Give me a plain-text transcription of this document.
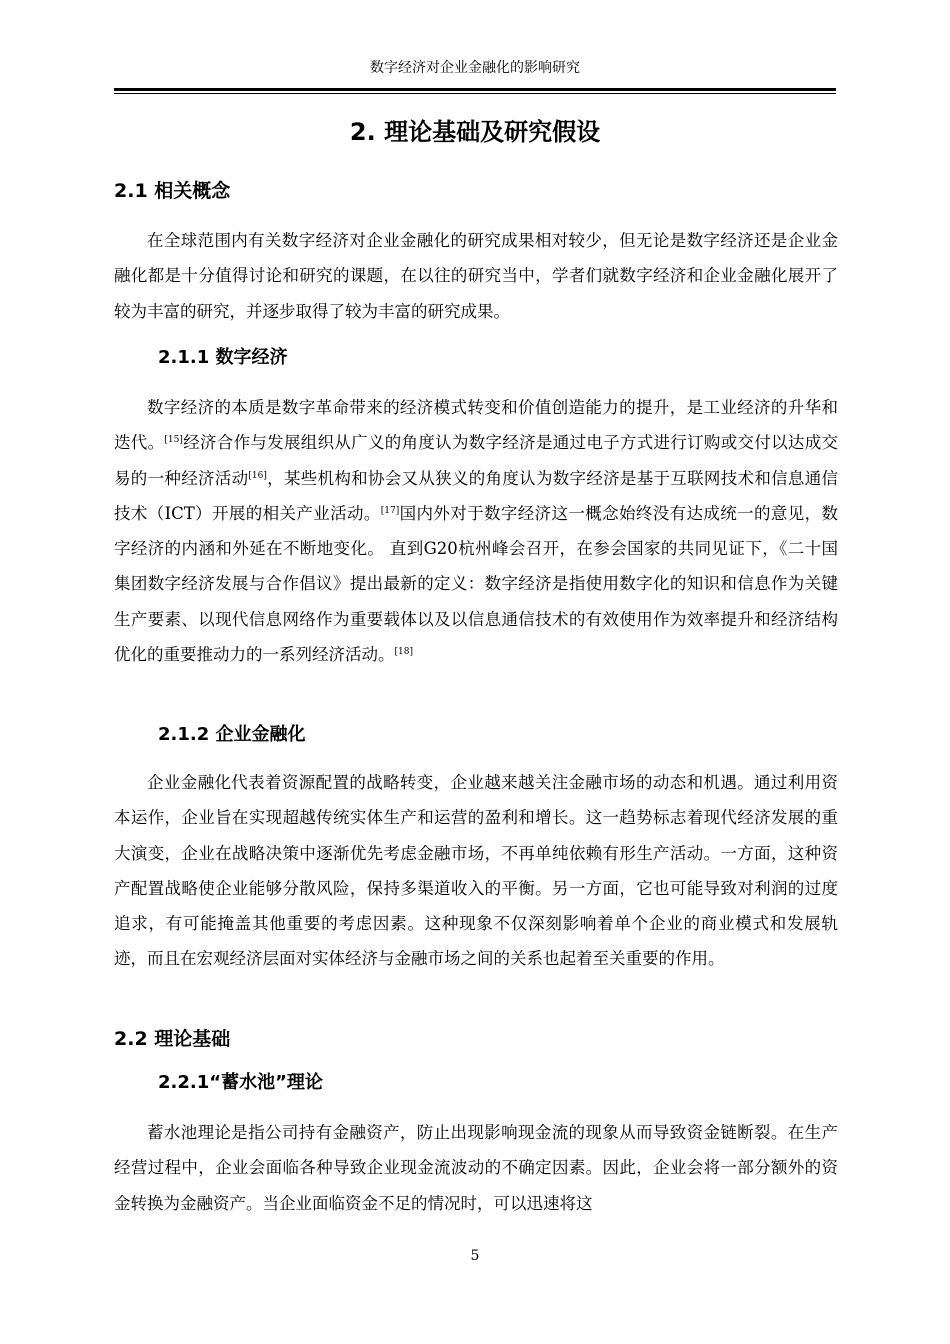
数字经济对企业金融化的影响研究
2. 理论基础及研究假设
2.1 相关概念

在全球范围内有关数字经济对企业金融化的研究成果相对较少，但无论是数字经济还是企业金融化都是十分值得讨论和研究的课题，在以往的研究当中，学者们就数字经济和企业金融化展开了较为丰富的研究，并逐步取得了较为丰富的研究成果。

2.1.1 数字经济

数字经济的本质是数字革命带来的经济模式转变和价值创造能力的提升，是工业经济的升华和迭代。[15]经济合作与发展组织从广义的角度认为数字经济是通过电子方式进行订购或交付以达成交易的一种经济活动[16]，某些机构和协会又从狭义的角度认为数字经济是基于互联网技术和信息通信技术（ICT）开展的相关产业活动。[17]国内外对于数字经济这一概念始终没有达成统一的意见，数字经济的内涵和外延在不断地变化。 直到G20杭州峰会召开，在参会国家的共同见证下，《二十国集团数字经济发展与合作倡议》提出最新的定义：数字经济是指使用数字化的知识和信息作为关键生产要素、以现代信息网络作为重要载体以及以信息通信技术的有效使用作为效率提升和经济结构优化的重要推动力的一系列经济活动。[18]

2.1.2 企业金融化

企业金融化代表着资源配置的战略转变，企业越来越关注金融市场的动态和机遇。通过利用资本运作，企业旨在实现超越传统实体生产和运营的盈利和增长。这一趋势标志着现代经济发展的重大演变，企业在战略决策中逐渐优先考虑金融市场，不再单纯依赖有形生产活动。一方面，这种资产配置战略使企业能够分散风险，保持多渠道收入的平衡。另一方面，它也可能导致对利润的过度追求，有可能掩盖其他重要的考虑因素。这种现象不仅深刻影响着单个企业的商业模式和发展轨迹，而且在宏观经济层面对实体经济与金融市场之间的关系也起着至关重要的作用。

2.2 理论基础
2.2.1“蓄水池”理论

蓄水池理论是指公司持有金融资产，防止出现影响现金流的现象从而导致资金链断裂。在生产经营过程中，企业会面临各种导致企业现金流波动的不确定因素。因此，企业会将一部分额外的资金转换为金融资产。当企业面临资金不足的情况时，可以迅速将这

5
